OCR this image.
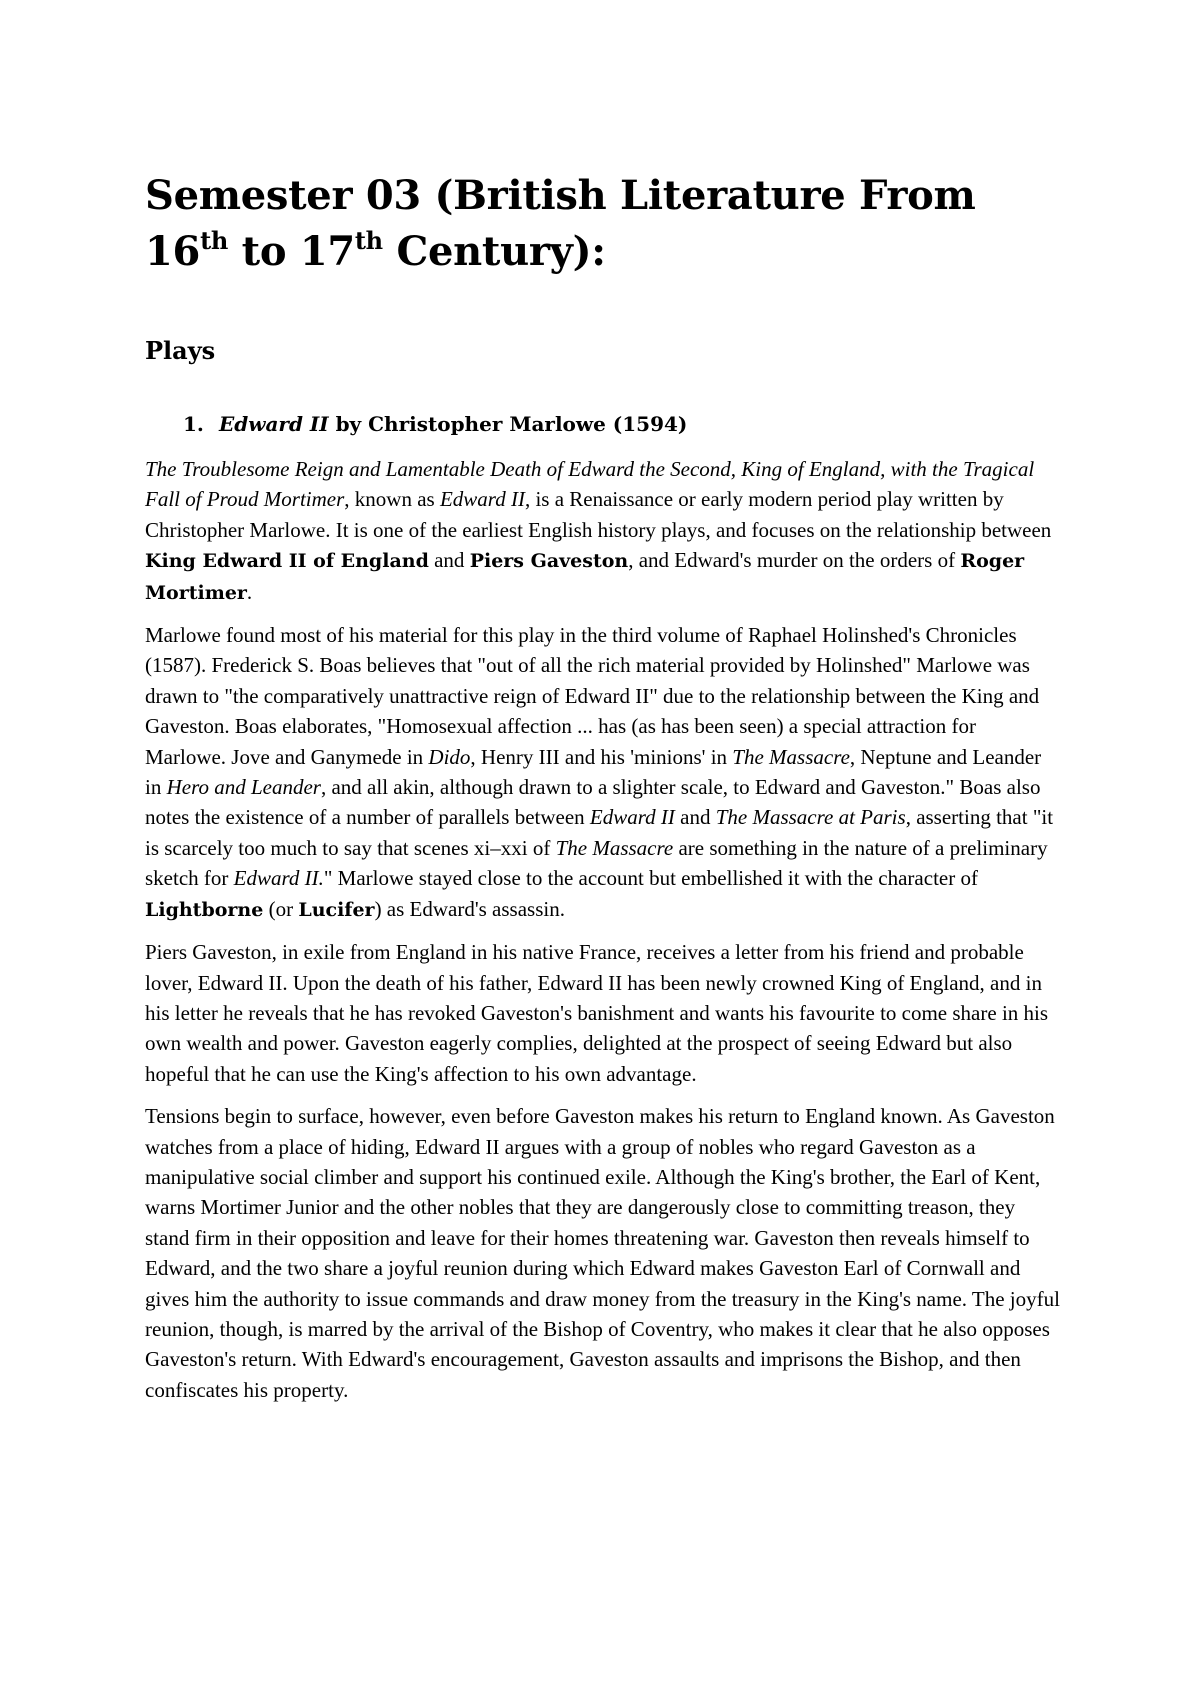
Semester 03 (British Literature From
16th to 17th Century):
Plays
1. Edward II by Christopher Marlowe (1594)

The Troublesome Reign and Lamentable Death of Edward the Second, King of England, with the Tragical Fall of Proud Mortimer, known as Edward II, is a Renaissance or early modern period play written by Christopher Marlowe. It is one of the earliest English history plays, and focuses on the relationship between King Edward II of England and Piers Gaveston, and Edward's murder on the orders of Roger Mortimer.

Marlowe found most of his material for this play in the third volume of Raphael Holinshed's Chronicles (1587). Frederick S. Boas believes that "out of all the rich material provided by Holinshed" Marlowe was drawn to "the comparatively unattractive reign of Edward II" due to the relationship between the King and Gaveston. Boas elaborates, "Homosexual affection ... has (as has been seen) a special attraction for Marlowe. Jove and Ganymede in Dido, Henry III and his 'minions' in The Massacre, Neptune and Leander in Hero and Leander, and all akin, although drawn to a slighter scale, to Edward and Gaveston." Boas also notes the existence of a number of parallels between Edward II and The Massacre at Paris, asserting that "it is scarcely too much to say that scenes xi–xxi of The Massacre are something in the nature of a preliminary sketch for Edward II." Marlowe stayed close to the account but embellished it with the character of Lightborne (or Lucifer) as Edward's assassin.

Piers Gaveston, in exile from England in his native France, receives a letter from his friend and probable lover, Edward II. Upon the death of his father, Edward II has been newly crowned King of England, and in his letter he reveals that he has revoked Gaveston's banishment and wants his favourite to come share in his own wealth and power. Gaveston eagerly complies, delighted at the prospect of seeing Edward but also hopeful that he can use the King's affection to his own advantage.

Tensions begin to surface, however, even before Gaveston makes his return to England known. As Gaveston watches from a place of hiding, Edward II argues with a group of nobles who regard Gaveston as a manipulative social climber and support his continued exile. Although the King's brother, the Earl of Kent, warns Mortimer Junior and the other nobles that they are dangerously close to committing treason, they stand firm in their opposition and leave for their homes threatening war. Gaveston then reveals himself to Edward, and the two share a joyful reunion during which Edward makes Gaveston Earl of Cornwall and gives him the authority to issue commands and draw money from the treasury in the King's name. The joyful reunion, though, is marred by the arrival of the Bishop of Coventry, who makes it clear that he also opposes Gaveston's return. With Edward's encouragement, Gaveston assaults and imprisons the Bishop, and then confiscates his property.
